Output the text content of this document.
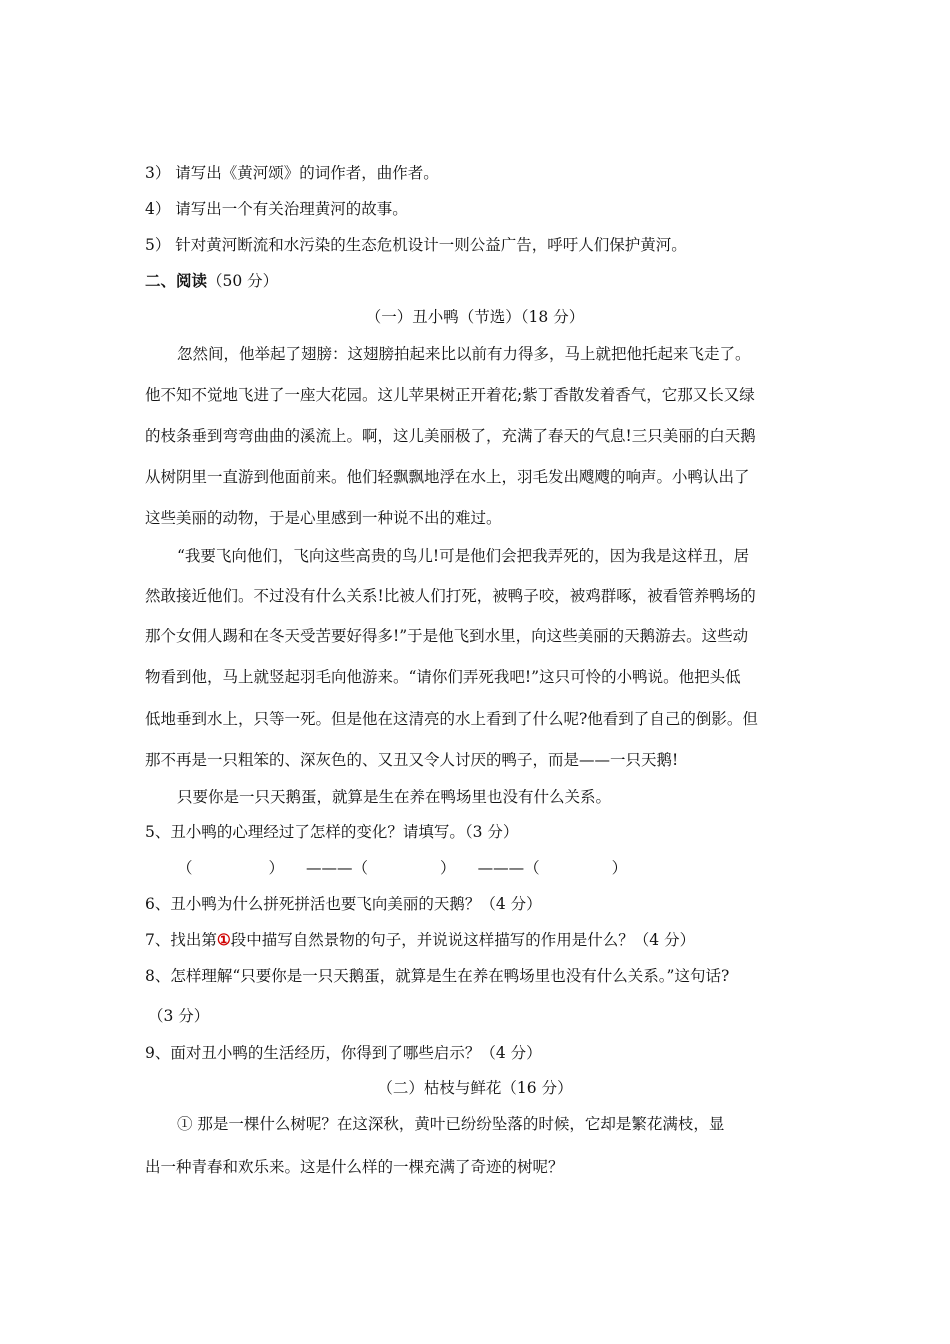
3） 请写出《黄河颂》的词作者，曲作者。
4） 请写出一个有关治理黄河的故事。
5） 针对黄河断流和水污染的生态危机设计一则公益广告，呼吁人们保护黄河。
二、阅读（50 分）
（一）丑小鸭（节选）（18 分）
忽然间，他举起了翅膀：这翅膀拍起来比以前有力得多，马上就把他托起来飞走了。
他不知不觉地飞进了一座大花园。这儿苹果树正开着花;紫丁香散发着香气，它那又长又绿
的枝条垂到弯弯曲曲的溪流上。啊，这儿美丽极了，充满了春天的气息!三只美丽的白天鹅
从树阴里一直游到他面前来。他们轻飘飘地浮在水上，羽毛发出飕飕的响声。小鸭认出了
这些美丽的动物，于是心里感到一种说不出的难过。
“我要飞向他们，飞向这些高贵的鸟儿!可是他们会把我弄死的，因为我是这样丑，居
然敢接近他们。不过没有什么关系!比被人们打死，被鸭子咬，被鸡群啄，被看管养鸭场的
那个女佣人踢和在冬天受苦要好得多!”于是他飞到水里，向这些美丽的天鹅游去。这些动
物看到他，马上就竖起羽毛向他游来。“请你们弄死我吧!”这只可怜的小鸭说。他把头低
低地垂到水上，只等一死。但是他在这清亮的水上看到了什么呢?他看到了自己的倒影。但
那不再是一只粗笨的、深灰色的、又丑又令人讨厌的鸭子，而是——一只天鹅!
只要你是一只天鹅蛋，就算是生在养在鸭场里也没有什么关系。
5、丑小鸭的心理经过了怎样的变化？请填写。（3 分）
（	） ———（	） ———（	）
6、丑小鸭为什么拼死拼活也要飞向美丽的天鹅？（4 分）
7、找出第①段中描写自然景物的句子，并说说这样描写的作用是什么？（4 分）
8、怎样理解“只要你是一只天鹅蛋，就算是生在养在鸭场里也没有什么关系。”这句话?
（3 分）
9、面对丑小鸭的生活经历，你得到了哪些启示？（4 分）
（二）枯枝与鲜花（16 分）
① 那是一棵什么树呢？在这深秋，黄叶已纷纷坠落的时候，它却是繁花满枝，显
出一种青春和欢乐来。这是什么样的一棵充满了奇迹的树呢？
